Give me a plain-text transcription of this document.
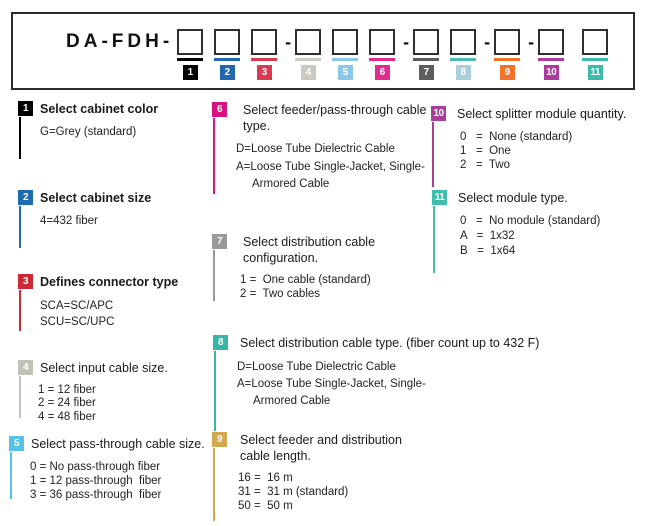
DA-FDH-
1	2	3
-
4	5	6
-
7	8
-
9
-
10	11
1 Select cabinet color
G=Grey (standard)
2 Select cabinet size
4=432 fiber
3 Defines connector type
SCA=SC/APC
SCU=SC/UPC
4 Select input cable size.
1 = 12 fiber
2 = 24 fiber
4 = 48 fiber
5 Select pass-through cable size.
0 = No pass-through fiber
1 = 12 pass-through  fiber
3 = 36 pass-through  fiber
6	Select feeder/pass-through cable type.
D=Loose Tube Dielectric Cable
A=Loose Tube Single-Jacket, Single-
Armored Cable
7	Select distribution cable configuration.
1 =  One cable (standard)
2 =  Two cables
8	Select distribution cable type. (fiber count up to 432 F)
D=Loose Tube Dielectric Cable
A=Loose Tube Single-Jacket, Single-
Armored Cable
9	Select feeder and distribution cable length.
16 =  16 m
31 =  31 m (standard)
50 =  50 m
10 Select splitter module quantity.
0   =  None (standard)
1   =  One
2   =  Two
11 Select module type.
0   =  No module (standard)
A   =  1x32
B   =  1x64
